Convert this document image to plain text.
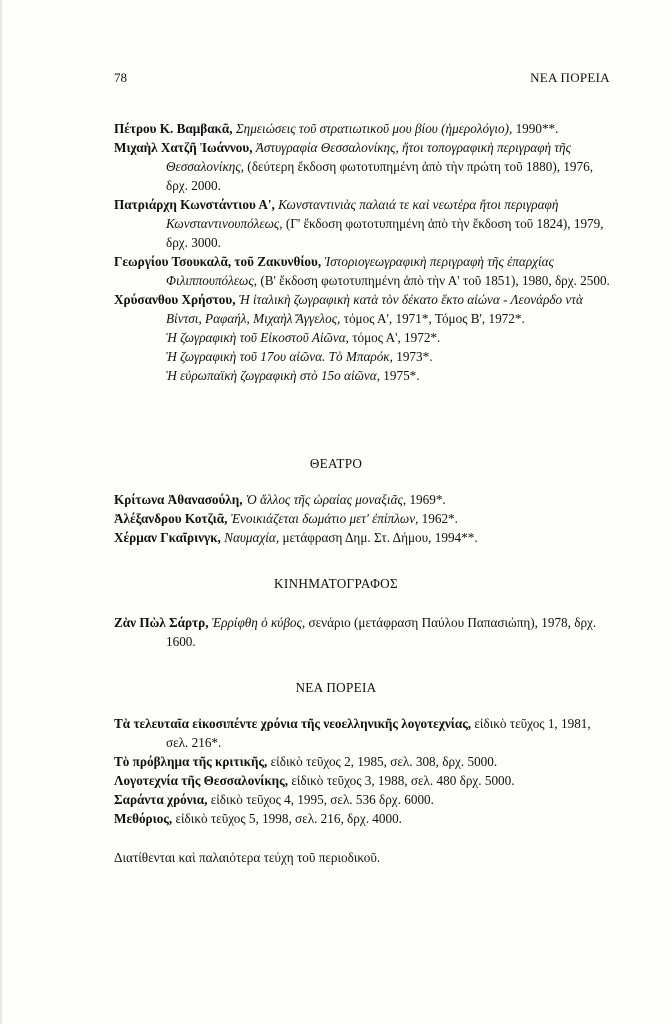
78	ΝΕΑ ΠΟΡΕΙΑ

Πέτρου Κ. Βαμβακᾶ, Σημειώσεις τοῦ στρατιωτικοῦ μου βίου (ἡμερολόγιο), 1990**.

Μιχαὴλ Χατζῆ Ἰωάννου, Ἀστυγραφία Θεσσαλονίκης, ἤτοι τοπογραφικὴ περιγραφὴ τῆς Θεσσαλονίκης, (δεύτερη ἔκδοση φωτοτυπημένη ἀπὸ τὴν πρώτη τοῦ 1880), 1976, δρχ. 2000.

Πατριάρχη Κωνστάντιου Α', Κωνσταντινιὰς παλαιά τε καὶ νεωτέρα ἤτοι περιγραφὴ Κωνσταντινουπόλεως, (Γ' ἔκδοση φωτοτυπημένη ἀπὸ τὴν ἔκδοση τοῦ 1824), 1979, δρχ. 3000.

Γεωργίου Τσουκαλᾶ, τοῦ Ζακυνθίου, Ἱστοριογεωγραφικὴ περιγραφὴ τῆς ἐπαρχίας Φιλιππουπόλεως, (Β' ἔκδοση φωτοτυπημένη ἀπὸ τὴν Α' τοῦ 1851), 1980, δρχ. 2500.

Χρύσανθου Χρήστου, Ἡ ἰταλικὴ ζωγραφικὴ κατὰ τὸν δέκατο ἕκτο αἰώνα - Λεονάρδο ντὰ Βίντσι, Ραφαήλ, Μιχαὴλ Ἄγγελος, τόμος Α', 1971*, Τόμος Β', 1972*.
Ἡ ζωγραφικὴ τοῦ Εἰκοστοῦ Αἰῶνα, τόμος Α', 1972*.
Ἡ ζωγραφικὴ τοῦ 17ου αἰῶνα. Τὸ Μπαρόκ, 1973*.
Ἡ εὐρωπαϊκὴ ζωγραφικὴ στὸ 15ο αἰῶνα, 1975*.

ΘΕΑΤΡΟ

Κρίτωνα Ἀθανασούλη, Ὁ ἄλλος τῆς ὡραίας μοναξιᾶς, 1969*.

Ἀλέξανδρου Κοτζιᾶ, Ἐνοικιάζεται δωμάτιο μετ' ἐπίπλων, 1962*.

Χέρμαν Γκαῖρινγκ, Ναυμαχία, μετάφραση Δημ. Στ. Δήμου, 1994**.

ΚΙΝΗΜΑΤΟΓΡΑΦΟΣ

Ζὰν Πὼλ Σάρτρ, Ἐρρίφθη ὁ κύβος, σενάριο (μετάφραση Παύλου Παπασιώπη), 1978, δρχ. 1600.

ΝΕΑ ΠΟΡΕΙΑ

Τὰ τελευταῖα εἰκοσιπέντε χρόνια τῆς νεοελληνικῆς λογοτεχνίας, εἰδικὸ τεῦχος 1, 1981, σελ. 216*.

Τὸ πρόβλημα τῆς κριτικῆς, εἰδικὸ τεῦχος 2, 1985, σελ. 308, δρχ. 5000.

Λογοτεχνία τῆς Θεσσαλονίκης, εἰδικὸ τεῦχος 3, 1988, σελ. 480 δρχ. 5000.

Σαράντα χρόνια, εἰδικὸ τεῦχος 4, 1995, σελ. 536 δρχ. 6000.

Μεθόριος, εἰδικὸ τεῦχος 5, 1998, σελ. 216, δρχ. 4000.

Διατίθενται καὶ παλαιότερα τεύχη τοῦ περιοδικοῦ.
